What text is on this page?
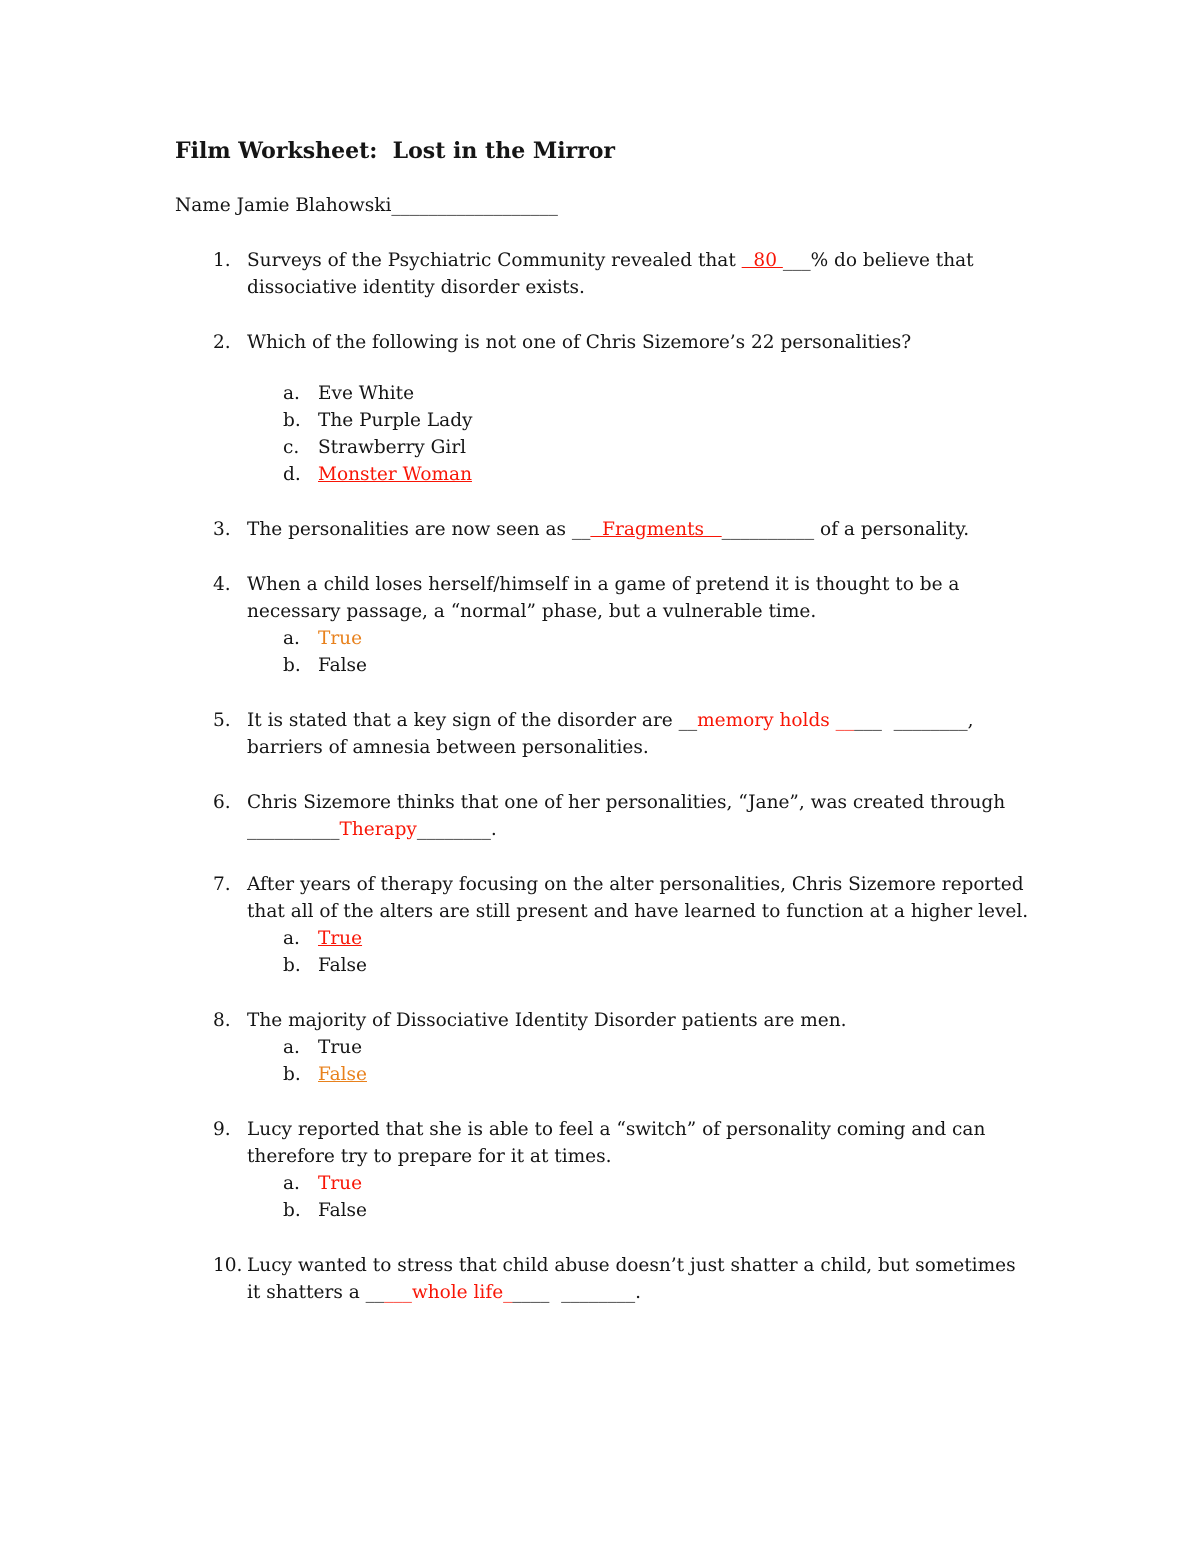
Film Worksheet:  Lost in the Mirror
Name Jamie Blahowski__________________
1. Surveys of the Psychiatric Community revealed that   80 ___% do believe that
dissociative identity disorder exists.
2. Which of the following is not one of Chris Sizemore’s 22 personalities?
a. Eve White
b. The Purple Lady
c.	Strawberry Girl
d. Monster Woman
3. The personalities are now seen as __  Fragments   __________ of a personality.
4. When a child loses herself/himself in a game of pretend it is thought to be a
necessary passage, a “normal” phase, but a vulnerable time.
a. True
b. False
5. It is stated that a key sign of the disorder are __memory holds _____  ________,
barriers of amnesia between personalities.
6. Chris Sizemore thinks that one of her personalities, “Jane”, was created through
__________Therapy________.
7. After years of therapy focusing on the alter personalities, Chris Sizemore reported
that all of the alters are still present and have learned to function at a higher level.
a. True
b. False
8. The majority of Dissociative Identity Disorder patients are men.
a. True
b. False
9. Lucy reported that she is able to feel a “switch” of personality coming and can
therefore try to prepare for it at times.
a. True
b. False
10. Lucy wanted to stress that child abuse doesn’t just shatter a child, but sometimes
it shatters a _____whole life_____  ________.
